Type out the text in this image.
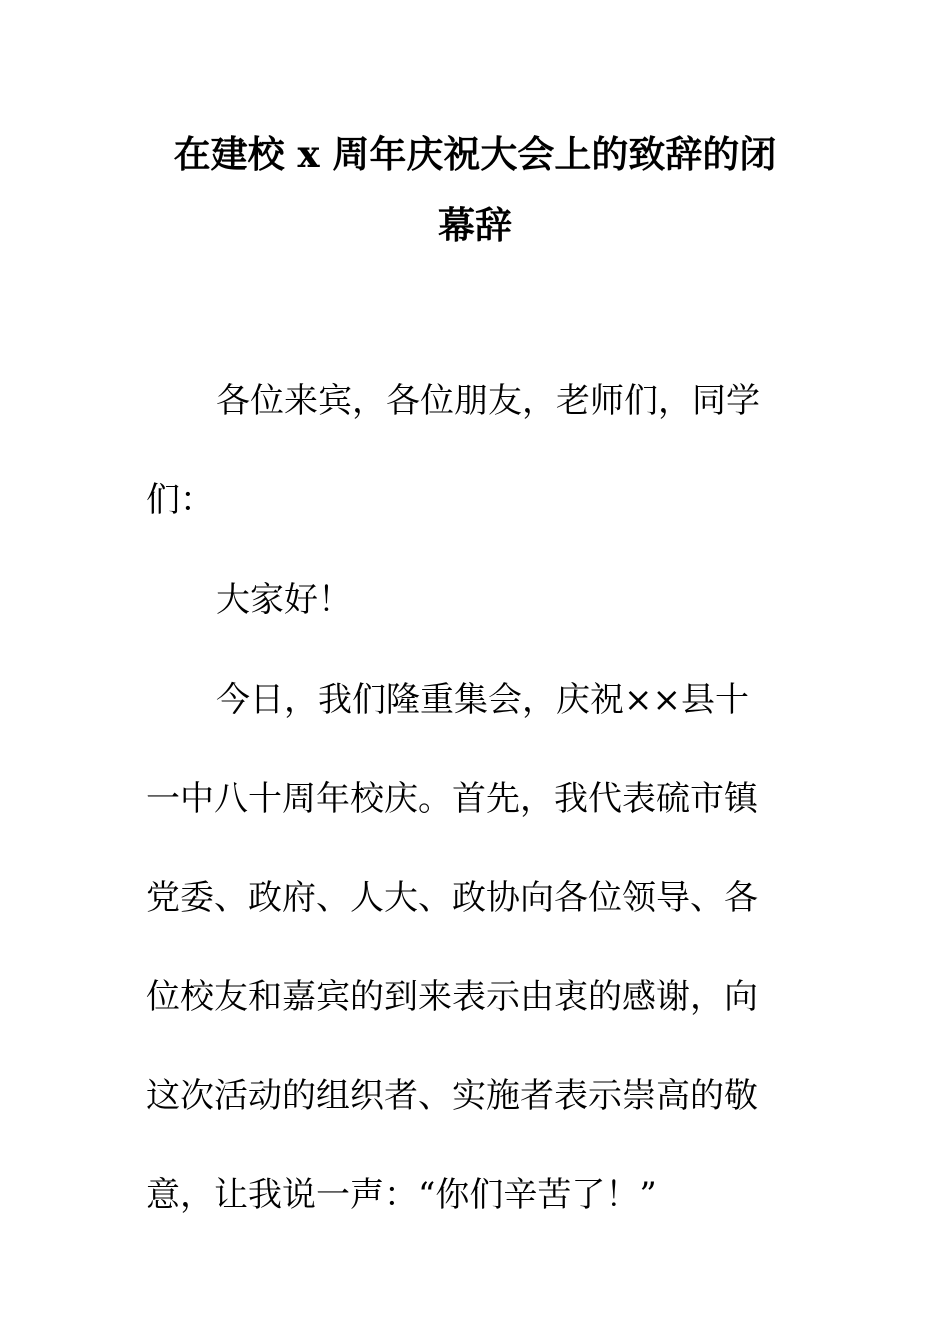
在建校 x 周年庆祝大会上的致辞的闭
幕辞
各位来宾，各位朋友，老师们，同学
们：
大家好！
今日，我们隆重集会，庆祝××县十
一中八十周年校庆。首先，我代表硫市镇
党委、政府、人大、政协向各位领导、各
位校友和嘉宾的到来表示由衷的感谢，向
这次活动的组织者、实施者表示崇高的敬
意，让我说一声：“你们辛苦了！”
